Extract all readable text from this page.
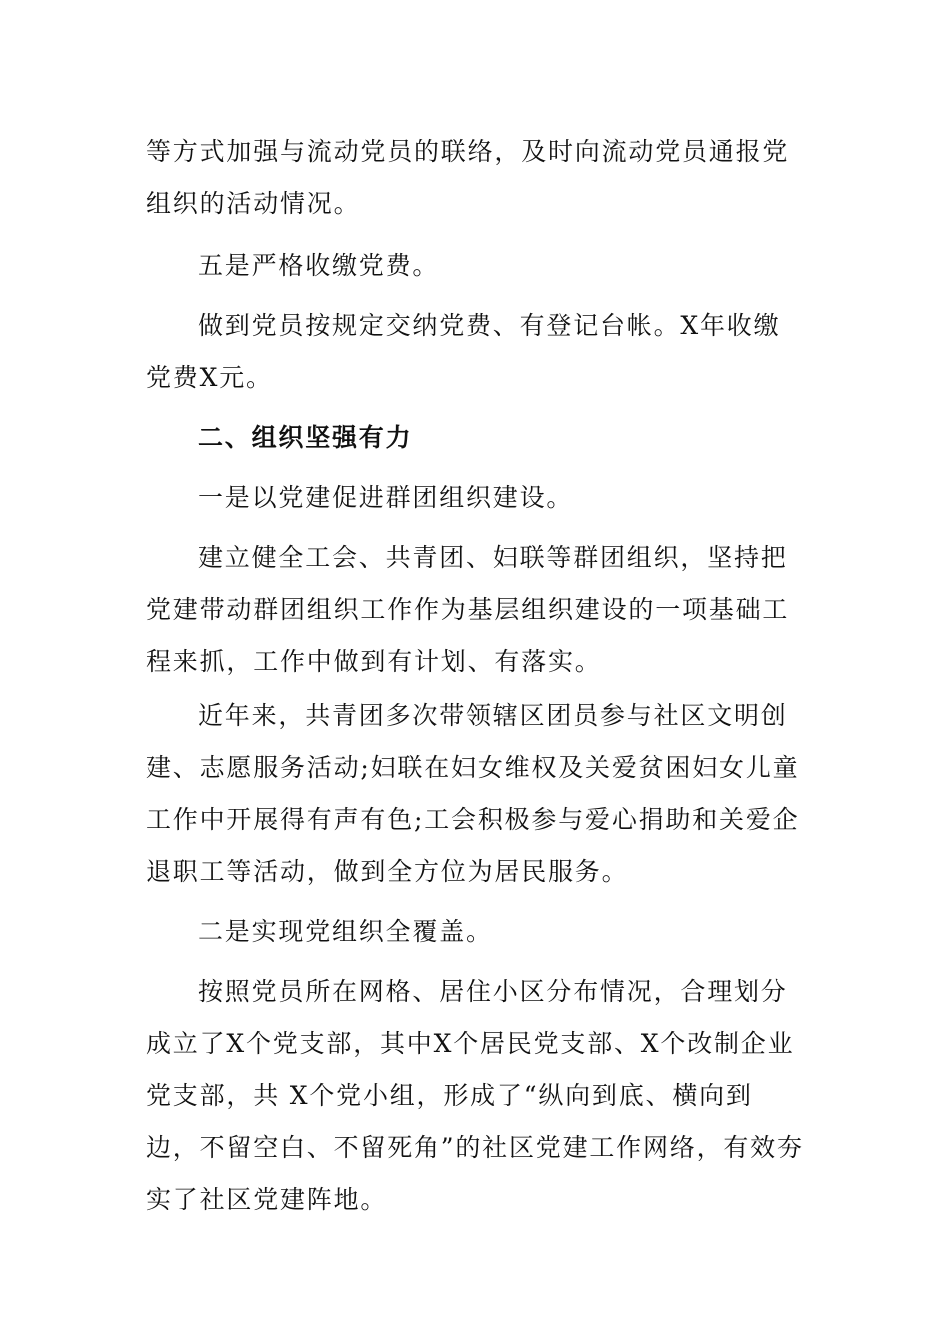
等方式加强与流动党员的联络，及时向流动党员通报党组织的活动情况。

五是严格收缴党费。

做到党员按规定交纳党费、有登记台帐。X年收缴党费X元。

二、组织坚强有力

一是以党建促进群团组织建设。

建立健全工会、共青团、妇联等群团组织，坚持把党建带动群团组织工作作为基层组织建设的一项基础工程来抓，工作中做到有计划、有落实。

近年来，共青团多次带领辖区团员参与社区文明创建、志愿服务活动;妇联在妇女维权及关爱贫困妇女儿童工作中开展得有声有色;工会积极参与爱心捐助和关爱企退职工等活动，做到全方位为居民服务。

二是实现党组织全覆盖。

按照党员所在网格、居住小区分布情况，合理划分成立了X个党支部，其中X个居民党支部、X个改制企业党支部，共 X个党小组，形成了“纵向到底、横向到边，不留空白、不留死角”的社区党建工作网络，有效夯实了社区党建阵地。
